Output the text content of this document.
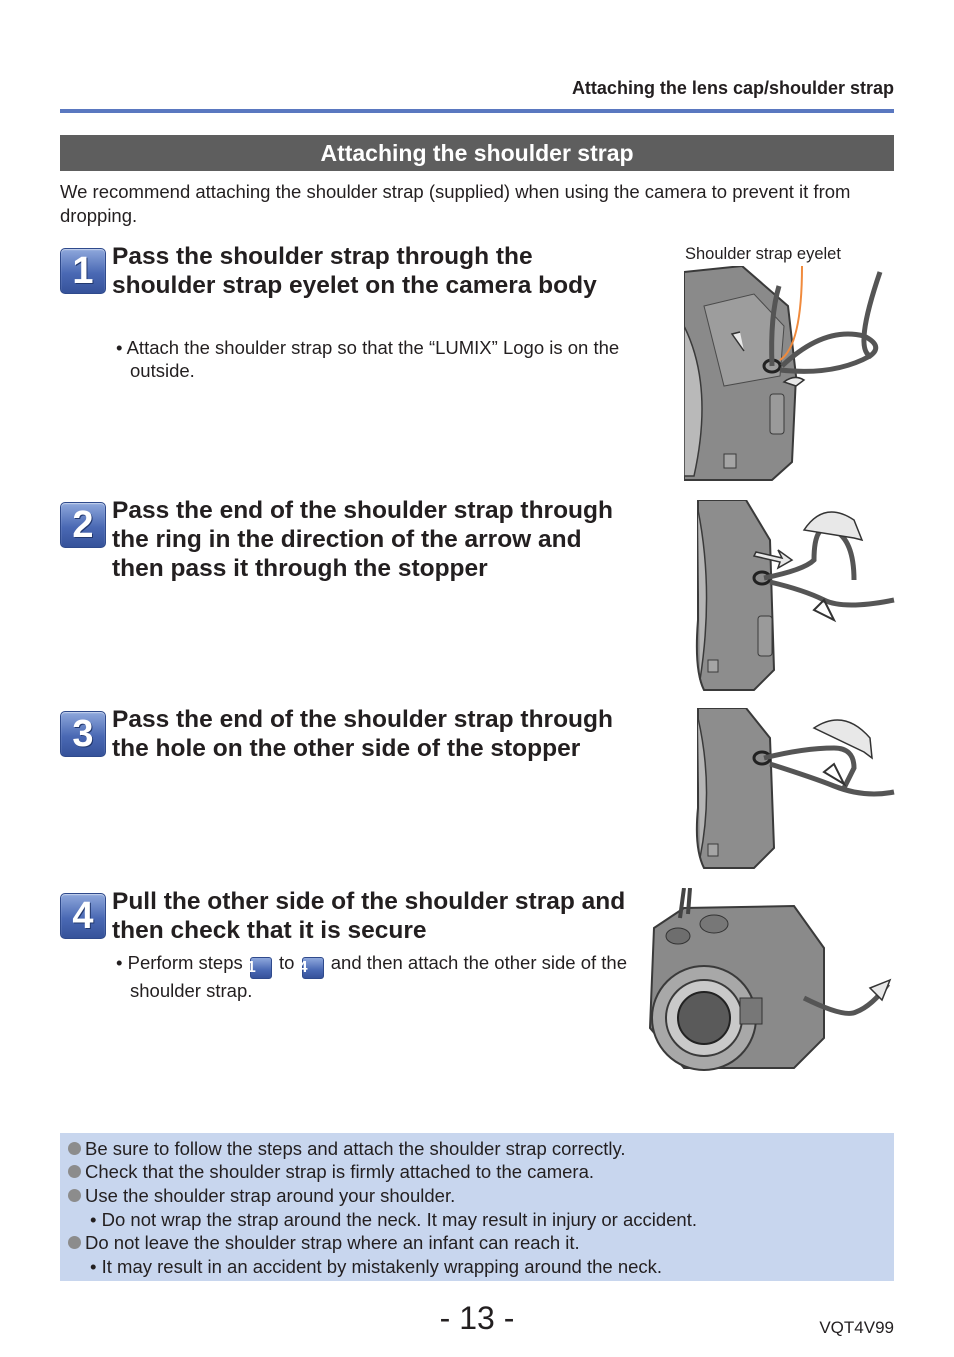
Attaching the lens cap/shoulder strap
Attaching the shoulder strap
We recommend attaching the shoulder strap (supplied) when using the camera to prevent it from dropping.
1 Pass the shoulder strap through the shoulder strap eyelet on the camera body
• Attach the shoulder strap so that the “LUMIX” Logo is on the outside.
2 Pass the end of the shoulder strap through the ring in the direction of the arrow and then pass it through the stopper
3 Pass the end of the shoulder strap through the hole on the other side of the stopper
4 Pull the other side of the shoulder strap and then check that it is secure
• Perform steps 1 to 4 and then attach the other side of the shoulder strap.
Shoulder strap eyelet
Be sure to follow the steps and attach the shoulder strap correctly.
Check that the shoulder strap is firmly attached to the camera.
Use the shoulder strap around your shoulder.
• Do not wrap the strap around the neck. It may result in injury or accident.
Do not leave the shoulder strap where an infant can reach it.
• It may result in an accident by mistakenly wrapping around the neck.
- 13 -	VQT4V99
